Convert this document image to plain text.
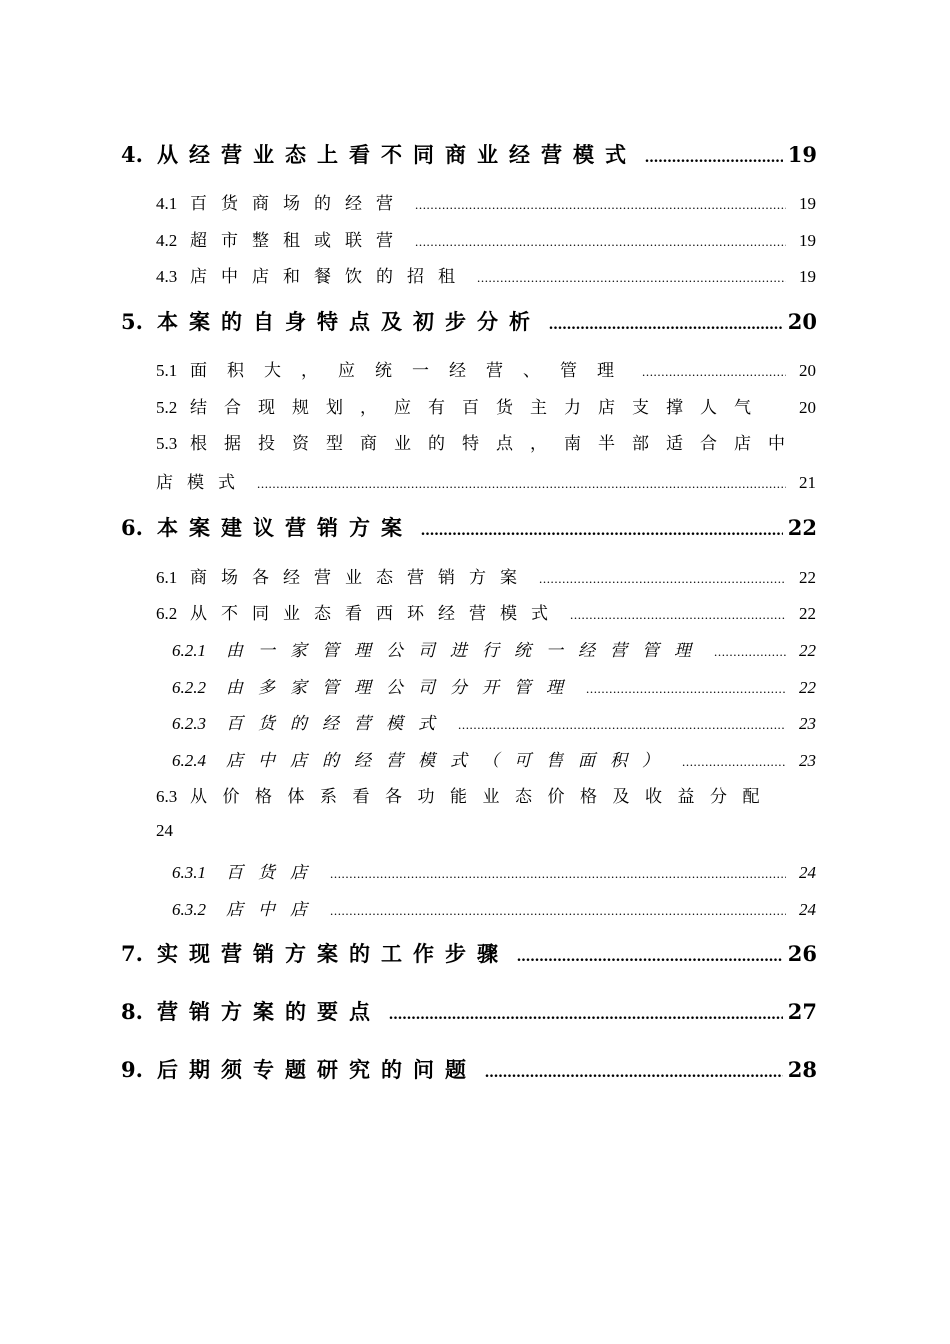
4. 从经营业态上看不同商业经营模式 .....	19
4.1 百货商场的经营 .....	19
4.2 超市整租或联营 .....	19
4.3 店中店和餐饮的招租 .....	19
5. 本案的自身特点及初步分析 .....	20
5.1 面积大，应统一经营、管理 .....	20
5.2 结合现规划，应有百货主力店支撑人气	20
5.3 根据投资型商业的特点，南半部适合店中
店模式 .....	21
6. 本案建议营销方案 .....	22
6.1 商场各经营业态营销方案 .....	22
6.2 从不同业态看西环经营模式 .....	22
6.2.1	由一家管理公司进行统一经营管理 .....	22
6.2.2	由多家管理公司分开管理 .....	22
6.2.3	百货的经营模式 .....	23
6.2.4	店中店的经营模式（可售面积） .....	23
6.3 从价格体系看各功能业态价格及收益分配
24
6.3.1	百货店 .....	24
6.3.2	店中店 .....	24
7. 实现营销方案的工作步骤 .....	26
8. 营销方案的要点 .....	27
9. 后期须专题研究的问题 .....	28
